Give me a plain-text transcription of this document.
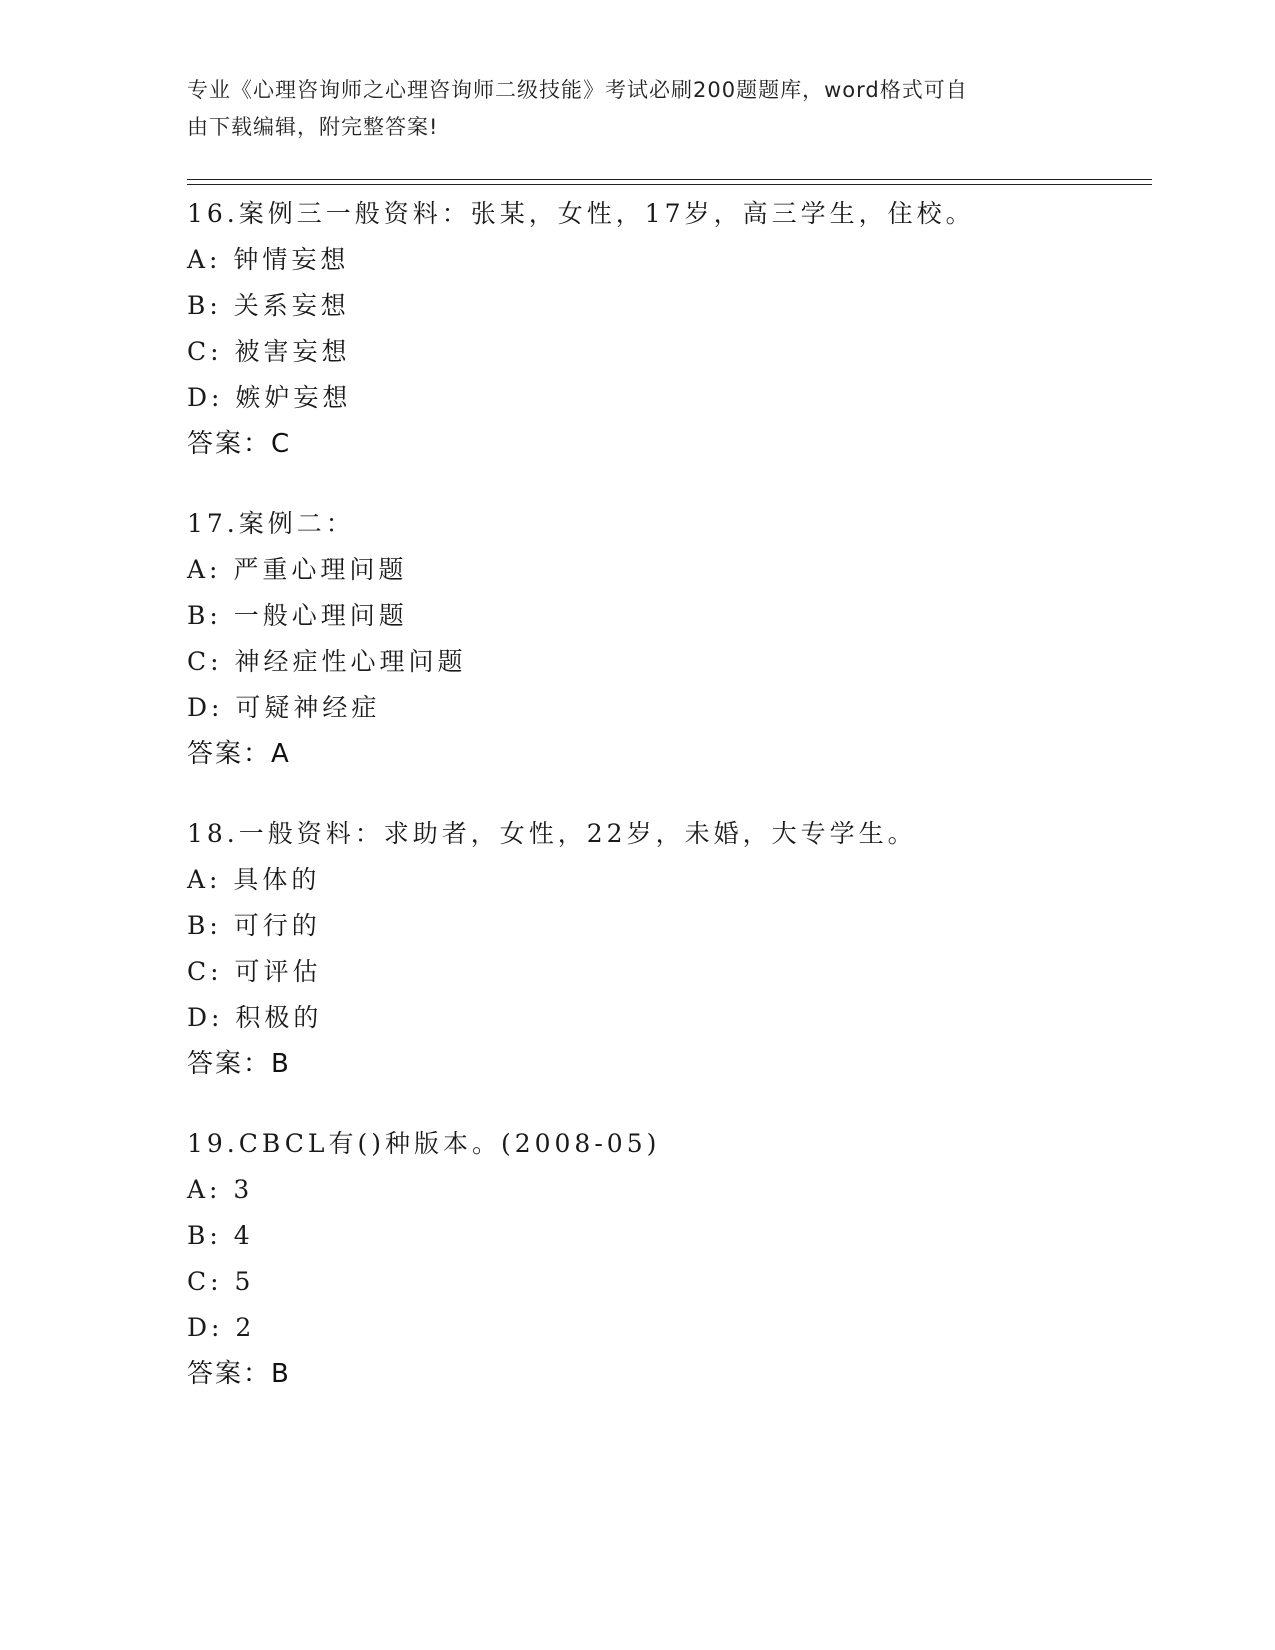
专业《心理咨询师之心理咨询师二级技能》考试必刷200题题库，word格式可自
由下载编辑，附完整答案!
16.案例三一般资料：张某，女性，17岁，高三学生，住校。
A: 钟情妄想
B: 关系妄想
C: 被害妄想
D: 嫉妒妄想
答案：C
17.案例二：
A: 严重心理问题
B: 一般心理问题
C: 神经症性心理问题
D: 可疑神经症
答案：A
18.一般资料：求助者，女性，22岁，未婚，大专学生。
A: 具体的
B: 可行的
C: 可评估
D: 积极的
答案：B
19.CBCL有()种版本。(2008-05)
A: 3
B: 4
C: 5
D: 2
答案：B
